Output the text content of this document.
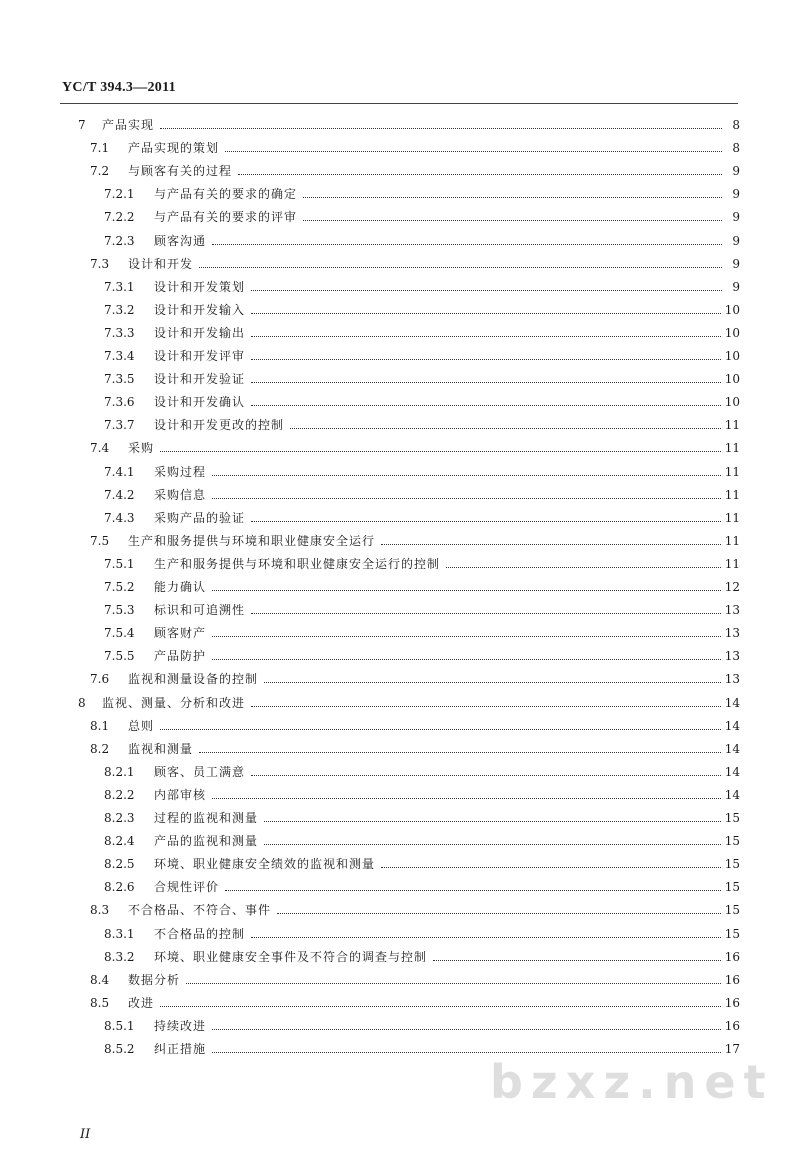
YC/T 394.3—2011
7	产品实现	8
7.1	产品实现的策划	8
7.2	与顾客有关的过程	9
7.2.1	与产品有关的要求的确定	9
7.2.2	与产品有关的要求的评审	9
7.2.3	顾客沟通	9
7.3	设计和开发	9
7.3.1	设计和开发策划	9
7.3.2	设计和开发输入	10
7.3.3	设计和开发输出	10
7.3.4	设计和开发评审	10
7.3.5	设计和开发验证	10
7.3.6	设计和开发确认	10
7.3.7	设计和开发更改的控制	11
7.4	采购	11
7.4.1	采购过程	11
7.4.2	采购信息	11
7.4.3	采购产品的验证	11
7.5	生产和服务提供与环境和职业健康安全运行	11
7.5.1	生产和服务提供与环境和职业健康安全运行的控制	11
7.5.2	能力确认	12
7.5.3	标识和可追溯性	13
7.5.4	顾客财产	13
7.5.5	产品防护	13
7.6	监视和测量设备的控制	13
8	监视、测量、分析和改进	14
8.1	总则	14
8.2	监视和测量	14
8.2.1	顾客、员工满意	14
8.2.2	内部审核	14
8.2.3	过程的监视和测量	15
8.2.4	产品的监视和测量	15
8.2.5	环境、职业健康安全绩效的监视和测量	15
8.2.6	合规性评价	15
8.3	不合格品、不符合、事件	15
8.3.1	不合格品的控制	15
8.3.2	环境、职业健康安全事件及不符合的调查与控制	16
8.4	数据分析	16
8.5	改进	16
8.5.1	持续改进	16
8.5.2	纠正措施	17
II
bzxz.net
